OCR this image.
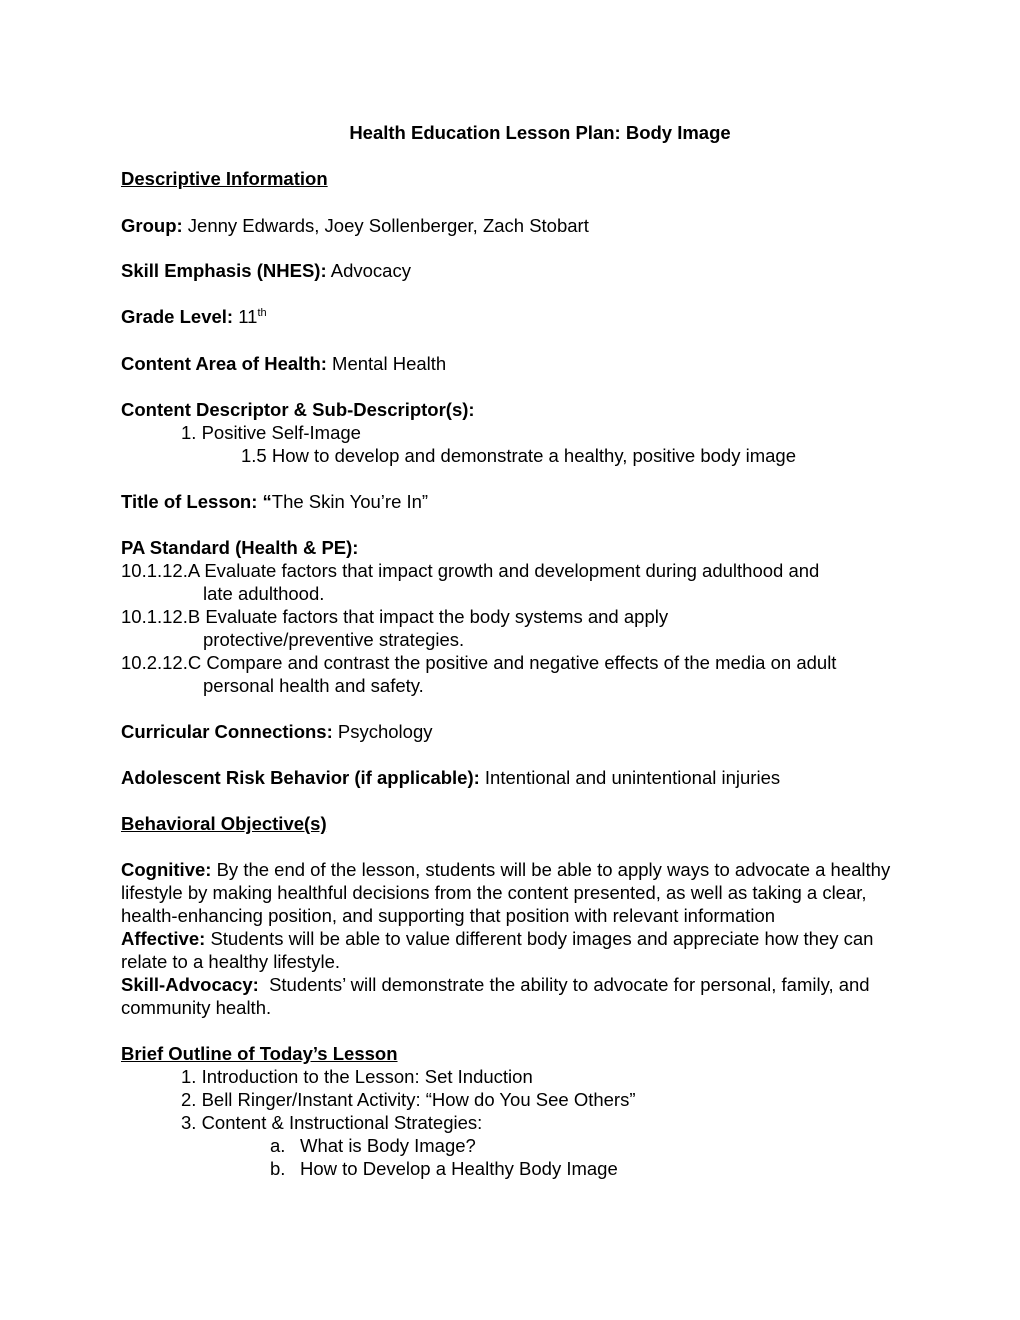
Health Education Lesson Plan: Body Image
Descriptive Information
Group: Jenny Edwards, Joey Sollenberger, Zach Stobart
Skill Emphasis (NHES): Advocacy
Grade Level: 11th
Content Area of Health: Mental Health
Content Descriptor & Sub-Descriptor(s):
1. Positive Self-Image
1.5 How to develop and demonstrate a healthy, positive body image
Title of Lesson: “The Skin You’re In”
PA Standard (Health & PE):
10.1.12.A Evaluate factors that impact growth and development during adulthood and
late adulthood.
10.1.12.B Evaluate factors that impact the body systems and apply
protective/preventive strategies.
10.2.12.C Compare and contrast the positive and negative effects of the media on adult
personal health and safety.
Curricular Connections: Psychology
Adolescent Risk Behavior (if applicable): Intentional and unintentional injuries
Behavioral Objective(s)
Cognitive: By the end of the lesson, students will be able to apply ways to advocate a healthy
lifestyle by making healthful decisions from the content presented, as well as taking a clear,
health-enhancing position, and supporting that position with relevant information
Affective: Students will be able to value different body images and appreciate how they can
relate to a healthy lifestyle.
Skill-Advocacy: Students’ will demonstrate the ability to advocate for personal, family, and
community health.
Brief Outline of Today’s Lesson
1. Introduction to the Lesson: Set Induction
2. Bell Ringer/Instant Activity: “How do You See Others”
3. Content & Instructional Strategies:
a. What is Body Image?
b. How to Develop a Healthy Body Image
